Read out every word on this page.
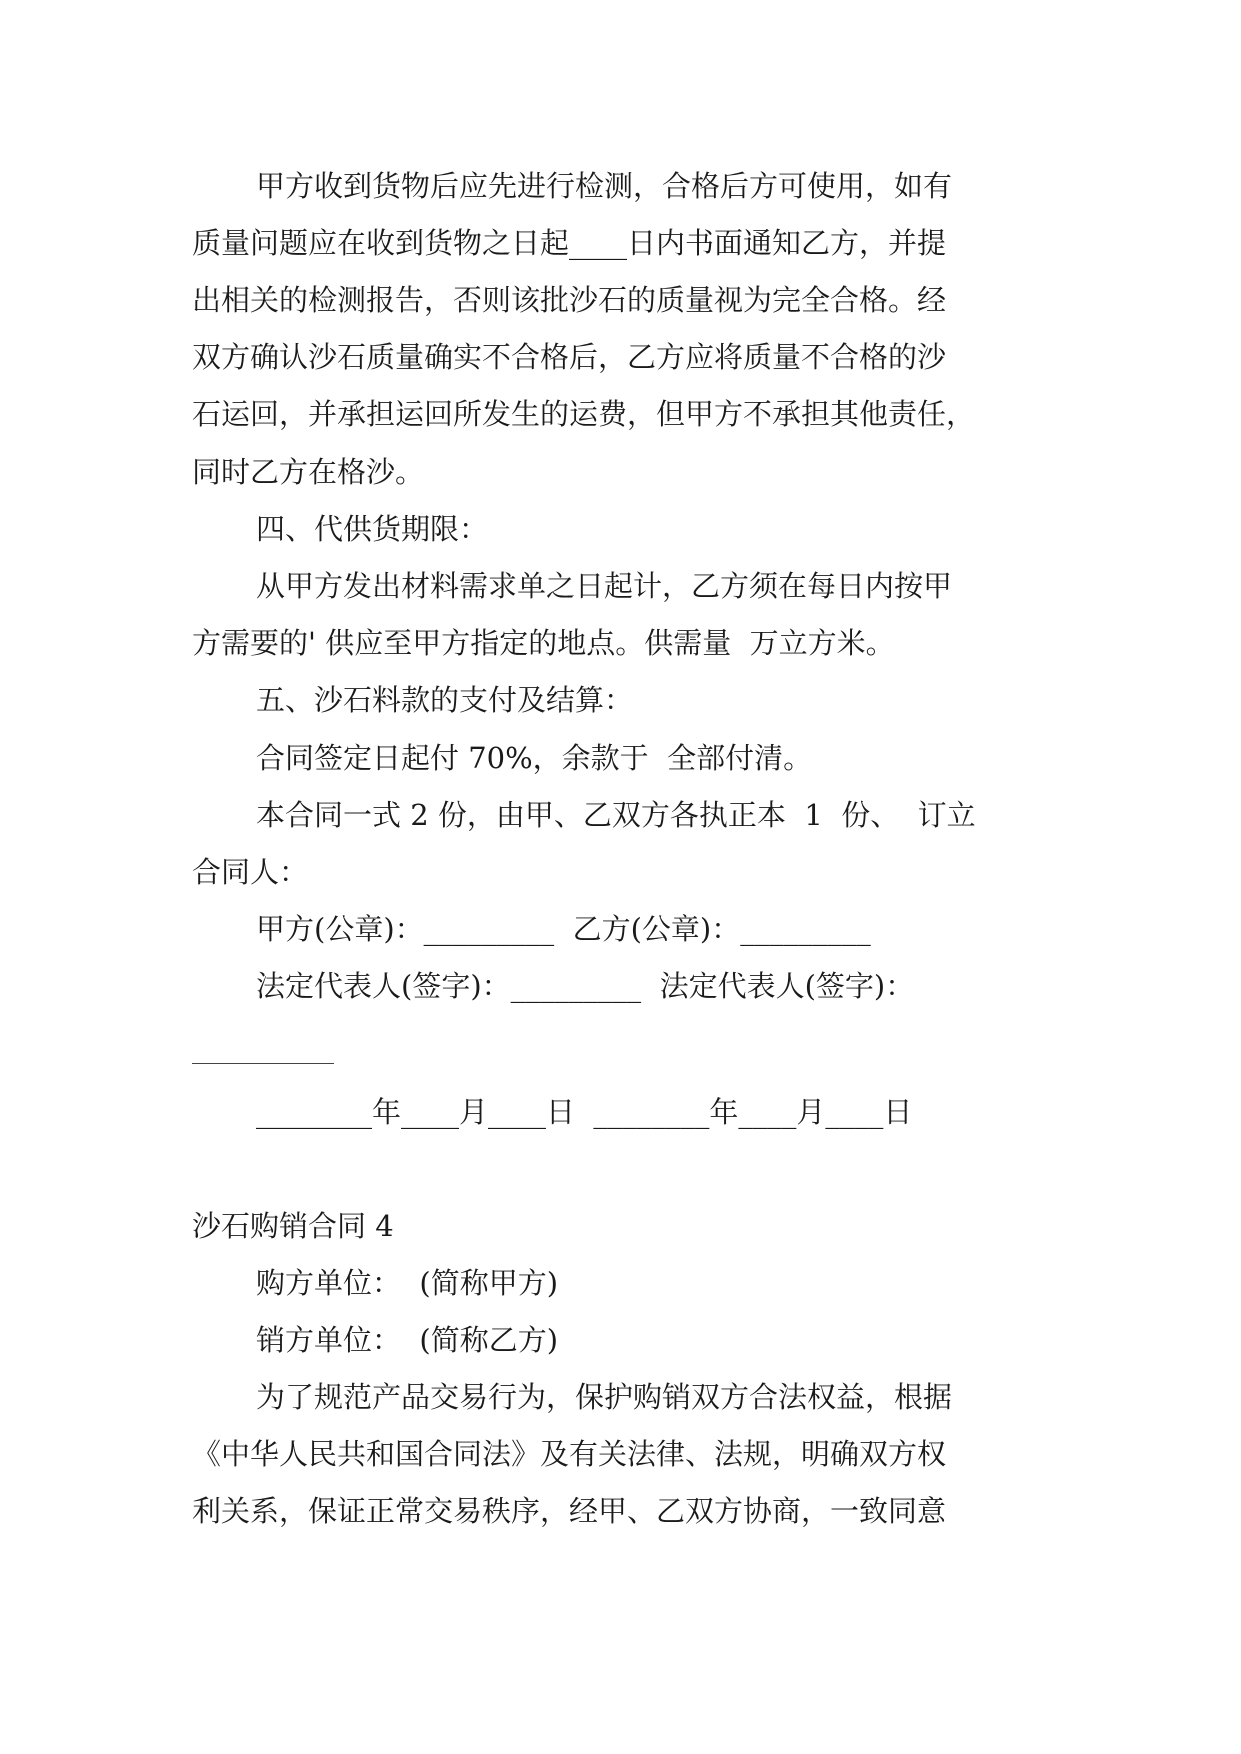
甲方收到货物后应先进行检测，合格后方可使用，如有
质量问题应在收到货物之日起____日内书面通知乙方，并提
出相关的检测报告，否则该批沙石的质量视为完全合格。经
双方确认沙石质量确实不合格后，乙方应将质量不合格的沙
石运回，并承担运回所发生的运费，但甲方不承担其他责任，
同时乙方在格沙。
四、代供货期限：
从甲方发出材料需求单之日起计，乙方须在每日内按甲
方需要的' 供应至甲方指定的地点。供需量  万立方米。
五、沙石料款的支付及结算：
合同签定日起付 70%，余款于  全部付清。
本合同一式 2 份，由甲、乙双方各执正本  1  份、  订立
合同人：
甲方(公章)：_________  乙方(公章)：_________
法定代表人(签字)：_________  法定代表人(签字)：
________年____月____日  ________年____月____日
沙石购销合同 4
购方单位：  (简称甲方)
销方单位：  (简称乙方)
为了规范产品交易行为，保护购销双方合法权益，根据
《中华人民共和国合同法》及有关法律、法规，明确双方权
利关系，保证正常交易秩序，经甲、乙双方协商，一致同意
